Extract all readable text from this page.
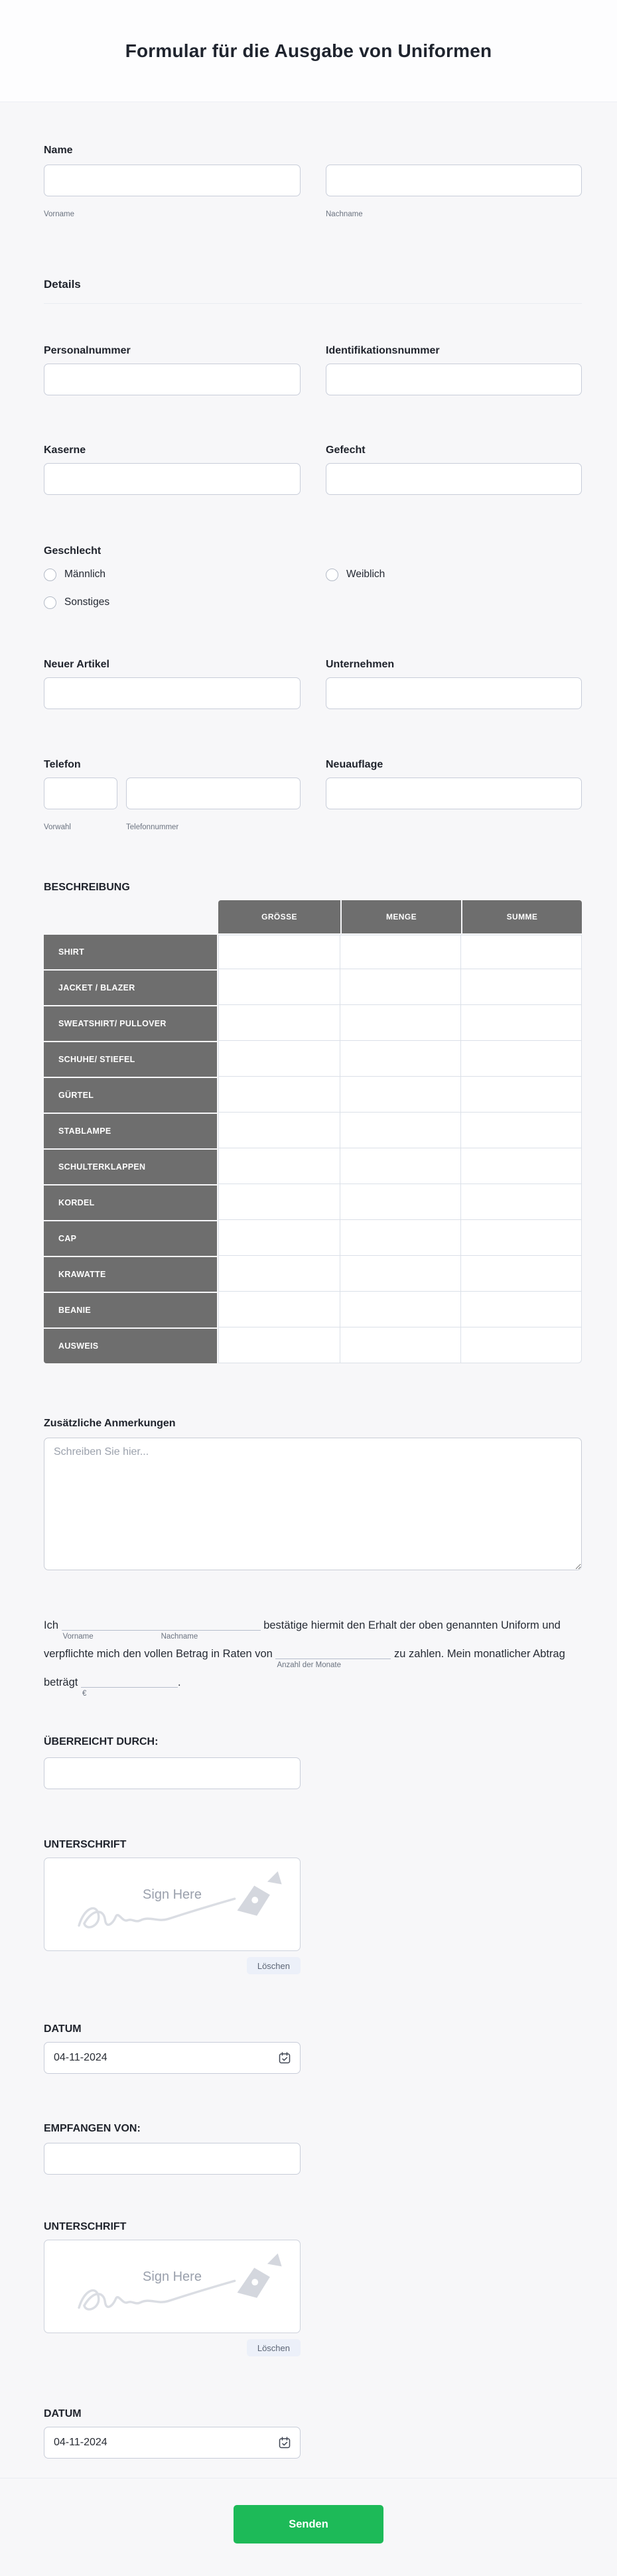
Formular für die Ausgabe von Uniformen
Name
Vorname	Nachname
Details
Personalnummer	Identifikationsnummer
Kaserne	Gefecht
Geschlecht
Männlich	Weiblich
Sonstiges
Neuer Artikel	Unternehmen
Telefon
Vorwahl	Telefonnummer
Neuauflage
BESCHREIBUNG
	GRÖSSE	MENGE	SUMME
SHIRT			
JACKET / BLAZER			
SWEATSHIRT/ PULLOVER			
SCHUHE/ STIEFEL			
GÜRTEL			
STABLAMPE			
SCHULTERKLAPPEN			
KORDEL			
CAP			
KRAWATTE			
BEANIE			
AUSWEIS			
Zusätzliche Anmerkungen
Schreiben Sie hier...

Ich
Vorname	Nachname
bestätige hiermit den Erhalt der oben genannten Uniform und verpflichte mich den vollen Betrag in Raten von
Anzahl der Monate
zu zahlen. Mein monatlicher Abtrag beträgt
€
.

ÜBERREICHT DURCH:
UNTERSCHRIFT
Sign Here
Löschen
DATUM
04-11-2024
EMPFANGEN VON:
UNTERSCHRIFT
Sign Here
Löschen
DATUM
04-11-2024
Senden
